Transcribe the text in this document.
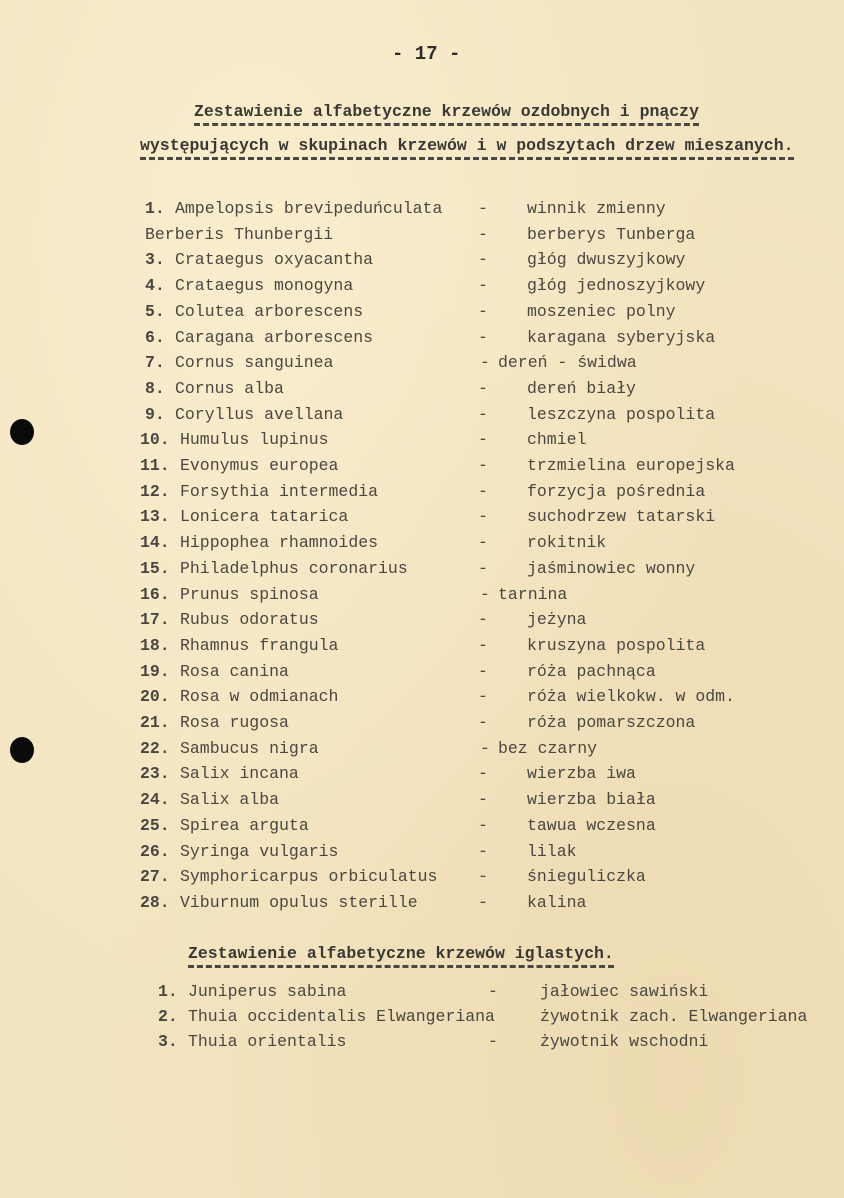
- 17 -
Zestawienie alfabetyczne krzewów ozdobnych i pnączy
występujących w skupinach krzewów i w podszytach drzew mieszanych.
1. Ampelopsis brevipeduńculata - winnik zmienny
Berberis Thunbergii	- berberys Tunberga
3. Crataegus oxyacantha	- głóg dwuszyjkowy
4. Crataegus monogyna	- głóg jednoszyjkowy
5. Colutea arborescens	- moszeniec polny
6. Caragana arborescens	- karagana syberyjska
7. Cornus sanguinea	- dereń - świdwa
8. Cornus alba	- dereń biały
9. Coryllus avellana	- leszczyna pospolita
10. Humulus lupinus	- chmiel
11. Evonymus europea	- trzmielina europejska
12. Forsythia intermedia	- forzycja pośrednia
13. Lonicera tatarica	- suchodrzew tatarski
14. Hippophea rhamnoides	- rokitnik
15. Philadelphus coronarius	- jaśminowiec wonny
16. Prunus spinosa	- tarnina
17. Rubus odoratus	- jeżyna
18. Rhamnus frangula	- kruszyna pospolita
19. Rosa canina	- róża pachnąca
20. Rosa w odmianach	- róża wielkokw. w odm.
21. Rosa rugosa	- róża pomarszczona
22. Sambucus nigra	- bez czarny
23. Salix incana	- wierzba iwa
24. Salix alba	- wierzba biała
25. Spirea arguta	- tawua wczesna
26. Syringa vulgaris	- lilak
27. Symphoricarpus orbiculatus - śnieguliczka
28. Viburnum opulus sterille	- kalina
Zestawienie alfabetyczne krzewów iglastych.
1. Juniperus sabina	-	jałowiec sawiński
2. Thuia occidentalis Elwangeriana	żywotnik zach. Elwangeriana
3. Thuia orientalis	-	żywotnik wschodni
